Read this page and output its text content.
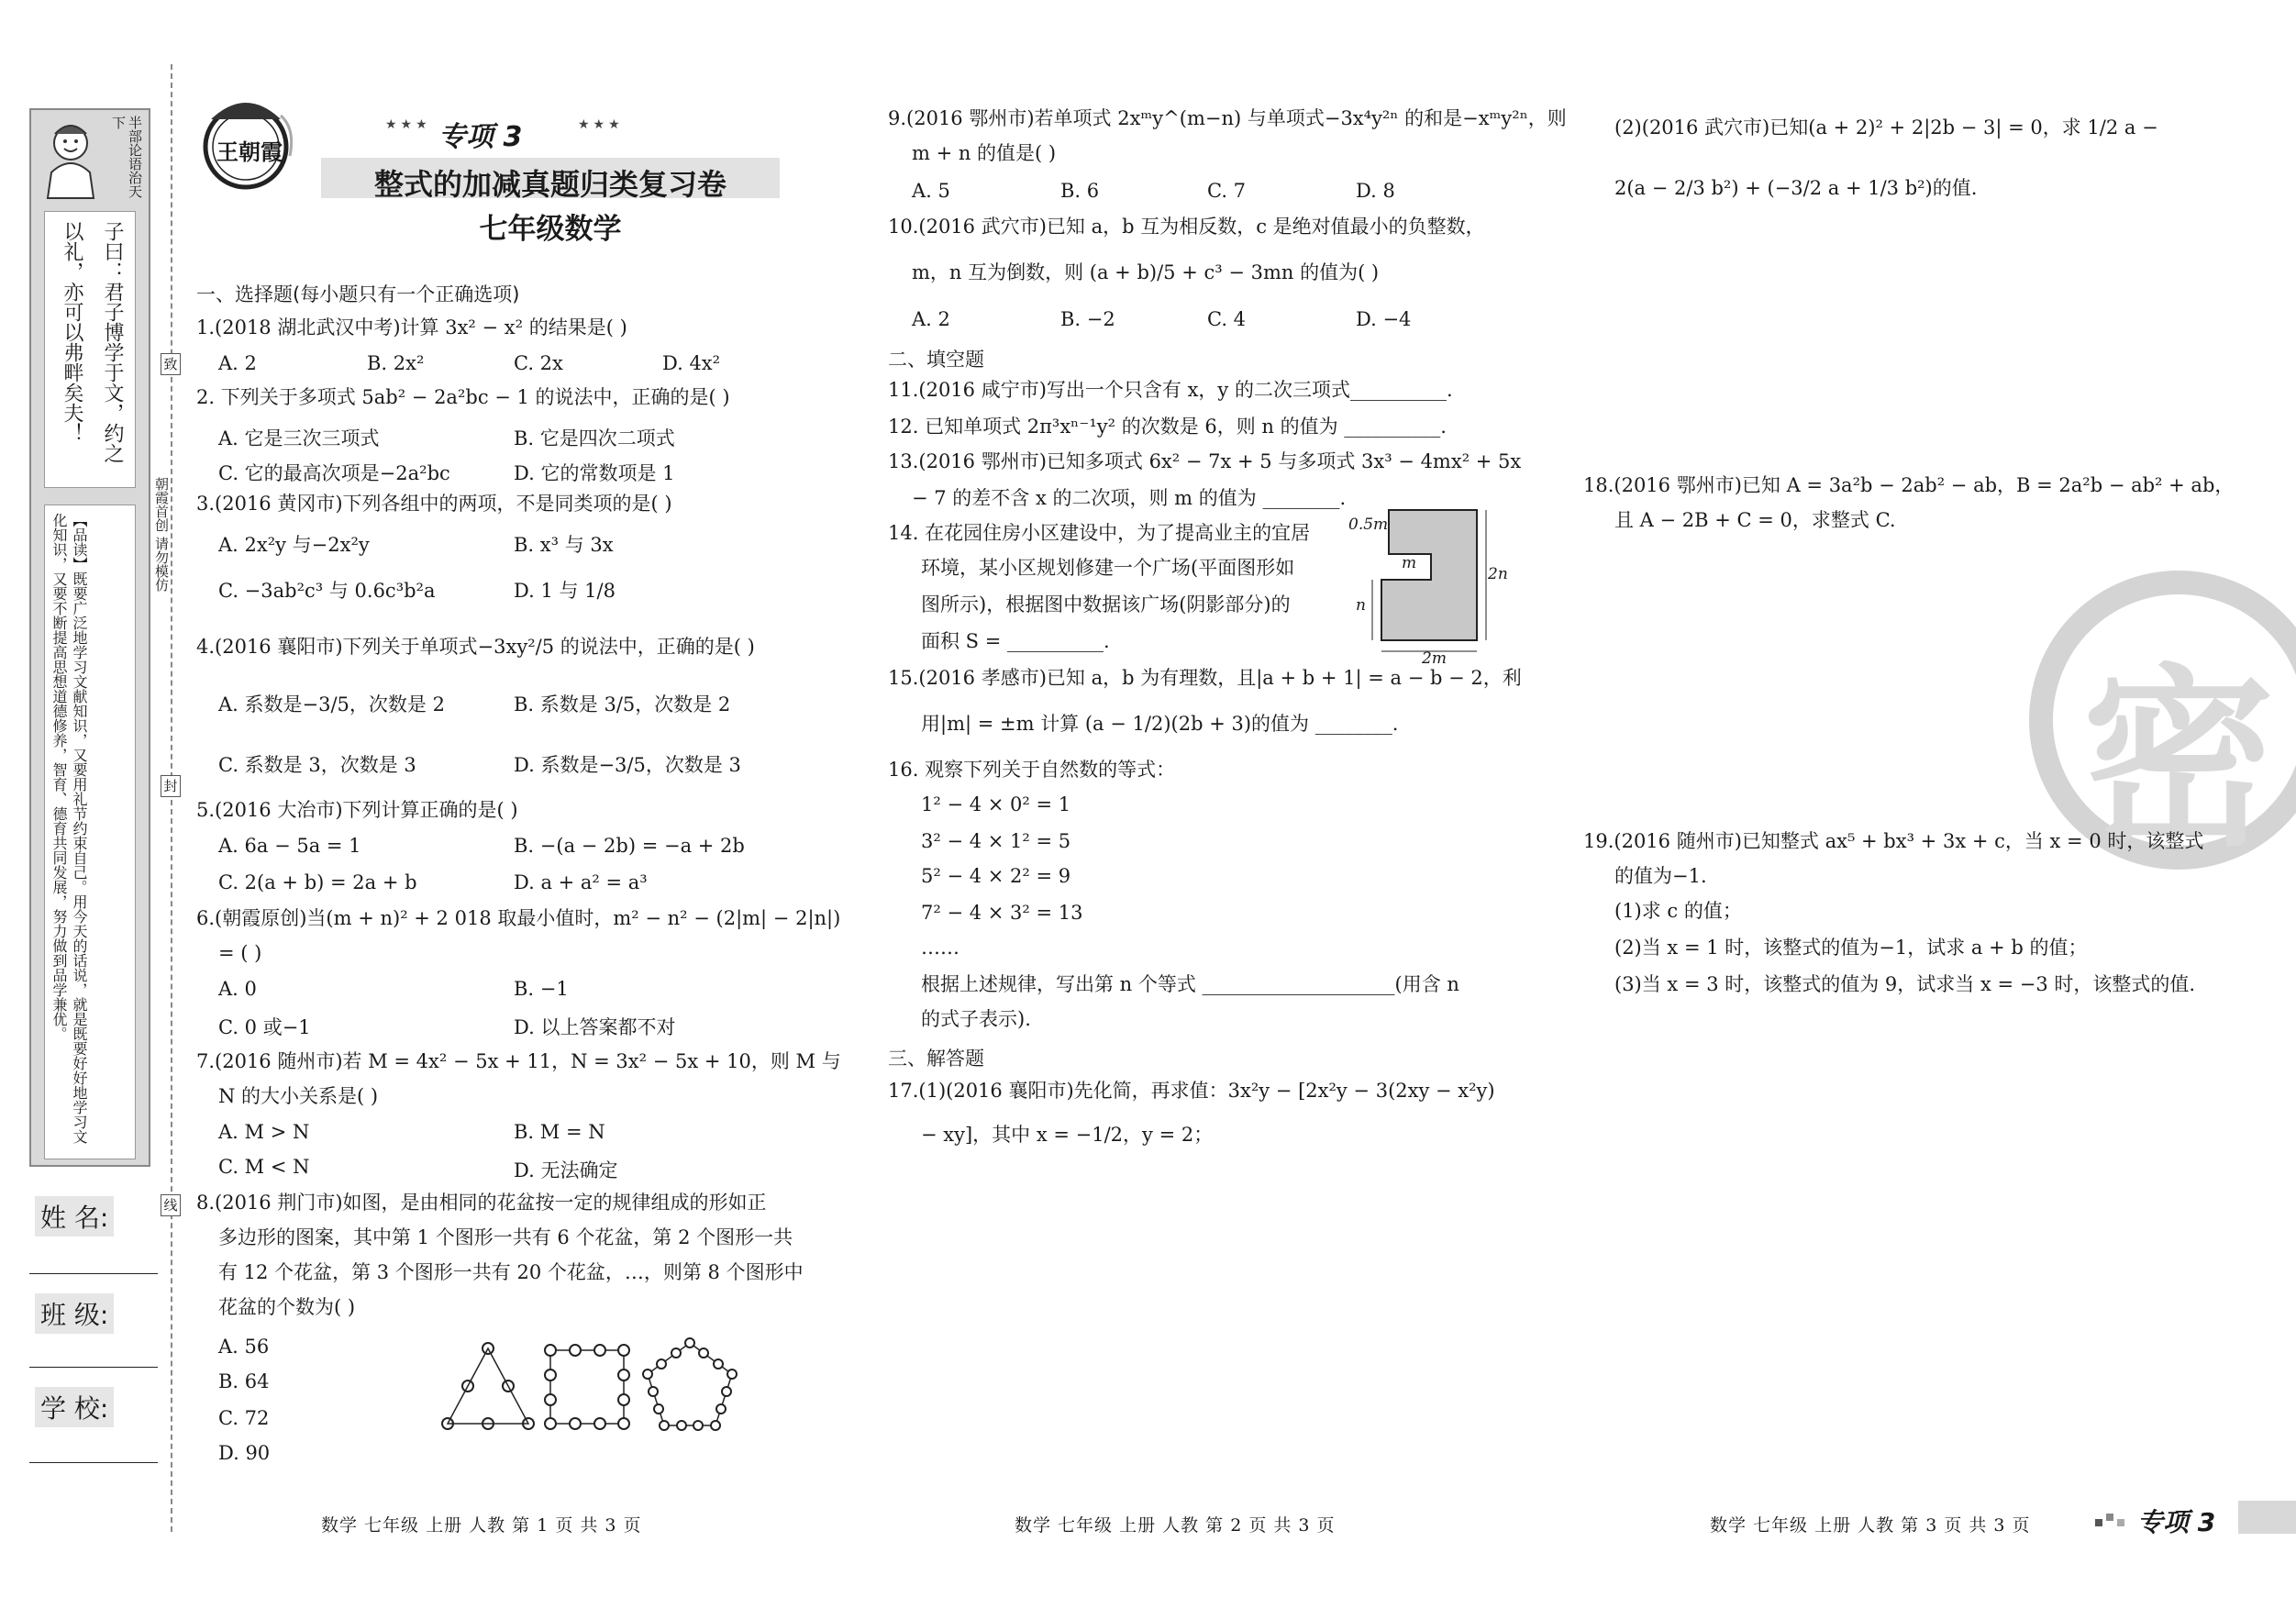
半部论语治天下
子曰：君子博学于文，约之
以礼，亦可以弗畔矣夫！
【品读】既要广泛地学习文献知识，又要用礼节约束自己。用今天的话说，就是既要好好地学习文化知识，又要不断提高思想道德修养，智育、德育共同发展，努力做到品学兼优。
姓 名:
班 级:
学 校:
致
朝霞首创 请勿模仿
封
线
王朝霞
★★★ 专项 3	★★★
整式的加减真题归类复习卷
七年级数学
一、选择题(每小题只有一个正确选项)
1.(2018 湖北武汉中考)计算 3x² − x² 的结果是( )
A. 2	B. 2x²	C. 2x	D. 4x²
2. 下列关于多项式 5ab² − 2a²bc − 1 的说法中，正确的是( )
A. 它是三次三项式	B. 它是四次二项式
C. 它的最高次项是−2a²bc	D. 它的常数项是 1
3.(2016 黄冈市)下列各组中的两项，不是同类项的是( )
A. 2x²y 与−2x²y	B. x³ 与 3x
C. −3ab²c³ 与 0.6c³b²a	D. 1 与 1/8
4.(2016 襄阳市)下列关于单项式−3xy²/5 的说法中，正确的是( )
A. 系数是−3/5，次数是 2	B. 系数是 3/5，次数是 2
C. 系数是 3，次数是 3	D. 系数是−3/5，次数是 3
5.(2016 大冶市)下列计算正确的是( )
A. 6a − 5a = 1	B. −(a − 2b) = −a + 2b
C. 2(a + b) = 2a + b	D. a + a² = a³
6.(朝霞原创)当(m + n)² + 2 018 取最小值时，m² − n² − (2|m| − 2|n|)
= ( )
A. 0	B. −1
C. 0 或−1	D. 以上答案都不对
7.(2016 随州市)若 M = 4x² − 5x + 11，N = 3x² − 5x + 10，则 M 与
N 的大小关系是( )
A. M > N	B. M = N
C. M < N	D. 无法确定
8.(2016 荆门市)如图，是由相同的花盆按一定的规律组成的形如正
多边形的图案，其中第 1 个图形一共有 6 个花盆，第 2 个图形一共
有 12 个花盆，第 3 个图形一共有 20 个花盆，…，则第 8 个图形中
花盆的个数为( )
A. 56
B. 64
C. 72
D. 90
数学 七年级 上册 人教 第 1 页 共 3 页
9.(2016 鄂州市)若单项式 2xᵐy^(m−n) 与单项式−3x⁴y²ⁿ 的和是−xᵐy²ⁿ，则
m + n 的值是( )
A. 5	B. 6	C. 7	D. 8
10.(2016 武穴市)已知 a，b 互为相反数，c 是绝对值最小的负整数，
m，n 互为倒数，则 (a + b)/5 + c³ − 3mn 的值为( )
A. 2	B. −2	C. 4	D. −4
二、填空题
11.(2016 咸宁市)写出一个只含有 x，y 的二次三项式__________.
12. 已知单项式 2π³xⁿ⁻¹y² 的次数是 6，则 n 的值为 __________.
13.(2016 鄂州市)已知多项式 6x² − 7x + 5 与多项式 3x³ − 4mx² + 5x
− 7 的差不含 x 的二次项，则 m 的值为 ________.
14. 在花园住房小区建设中，为了提高业主的宜居
环境，某小区规划修建一个广场(平面图形如
图所示)，根据图中数据该广场(阴影部分)的
面积 S = __________.
0.5m
m
n
2n
2m
15.(2016 孝感市)已知 a，b 为有理数，且|a + b + 1| = a − b − 2，利
用|m| = ±m 计算 (a − 1/2)(2b + 3)的值为 ________.
16. 观察下列关于自然数的等式：
1² − 4 × 0² = 1
3² − 4 × 1² = 5
5² − 4 × 2² = 9
7² − 4 × 3² = 13
……
根据上述规律，写出第 n 个等式 ____________________(用含 n
的式子表示).
三、解答题
17.(1)(2016 襄阳市)先化简，再求值：3x²y − [2x²y − 3(2xy − x²y)
− xy]，其中 x = −1/2，y = 2；
数学 七年级 上册 人教 第 2 页 共 3 页
(2)(2016 武穴市)已知(a + 2)² + 2|2b − 3| = 0，求 1/2 a −
2(a − 2/3 b²) + (−3/2 a + 1/3 b²)的值.
18.(2016 鄂州市)已知 A = 3a²b − 2ab² − ab，B = 2a²b − ab² + ab，
且 A − 2B + C = 0，求整式 C.
密
19.(2016 随州市)已知整式 ax⁵ + bx³ + 3x + c，当 x = 0 时，该整式
的值为−1.
(1)求 c 的值；
(2)当 x = 1 时，该整式的值为−1，试求 a + b 的值；
(3)当 x = 3 时，该整式的值为 9，试求当 x = −3 时，该整式的值.
数学 七年级 上册 人教 第 3 页 共 3 页	专项 3
